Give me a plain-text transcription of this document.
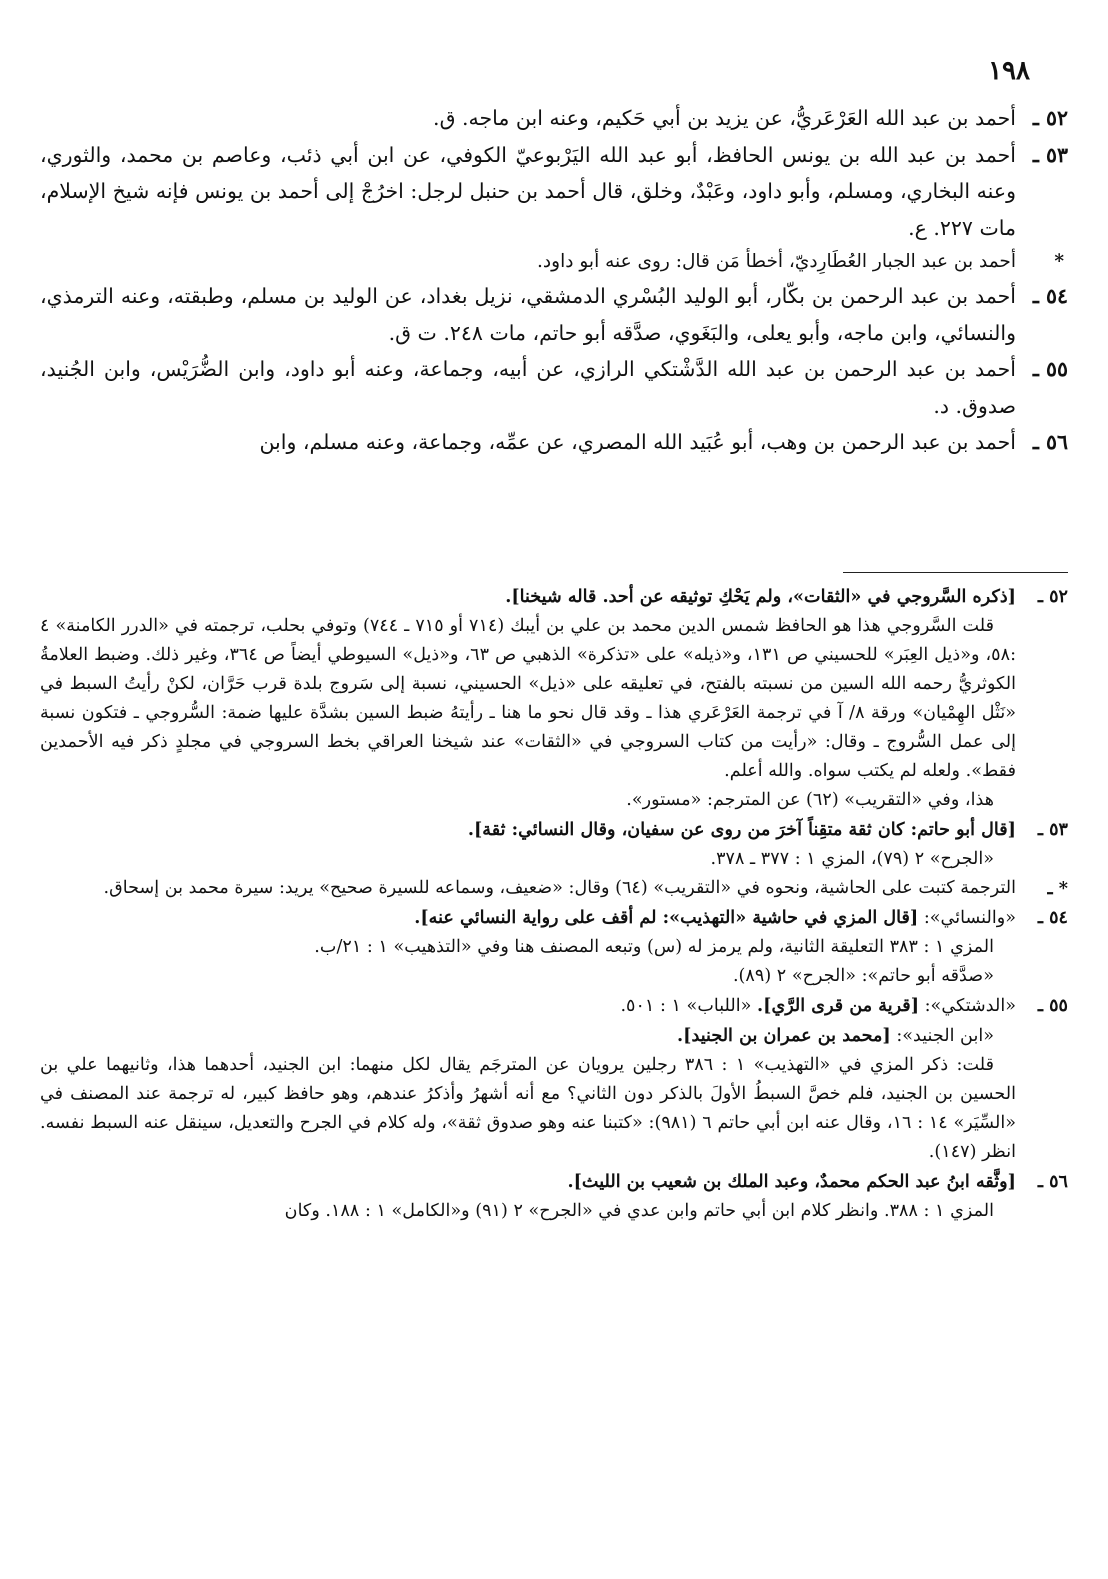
١٩٨
٥٢ ـ
أحمد بن عبد الله العَرْعَريُّ، عن يزيد بن أبي حَكيم، وعنه ابن ماجه. ق.
٥٣ ـ
أحمد بن عبد الله بن يونس الحافظ، أبو عبد الله اليَرْبوعيّ الكوفي، عن ابن أبي ذئب، وعاصم بن محمد، والثوري، وعنه البخاري، ومسلم، وأبو داود، وعَبْدٌ، وخلق، قال أحمد بن حنبل لرجل: اخرُجْ إلى أحمد بن يونس فإنه شيخ الإسلام، مات ٢٢٧. ع.
*
أحمد بن عبد الجبار العُطَارِديّ، أخطأ مَن قال: روى عنه أبو داود.
٥٤ ـ
أحمد بن عبد الرحمن بن بكّار، أبو الوليد البُسْري الدمشقي، نزيل بغداد، عن الوليد بن مسلم، وطبقته، وعنه الترمذي، والنسائي، وابن ماجه، وأبو يعلى، والبَغَوي، صدَّقه أبو حاتم، مات ٢٤٨. ت ق.
٥٥ ـ
أحمد بن عبد الرحمن بن عبد الله الدَّشْتكي الرازي، عن أبيه، وجماعة، وعنه أبو داود، وابن الضُّرَيْس، وابن الجُنيد، صدوق. د.
٥٦ ـ
أحمد بن عبد الرحمن بن وهب، أبو عُبَيد الله المصري، عن عمِّه، وجماعة، وعنه مسلم، وابن
٥٢ ـ

[ذكره السَّروجي في «الثقات»، ولم يَحْكِ توثيقه عن أحد. قاله شيخنا].

قلت السَّروجي هذا هو الحافظ شمس الدين محمد بن علي بن أيبك (٧١٤ أو ٧١٥ ـ ٧٤٤) وتوفي بحلب، ترجمته في «الدرر الكامنة» ٤ :٥٨، و«ذيل العِبَر» للحسيني ص ١٣١، و«ذيله» على «تذكرة» الذهبي ص ٦٣، و«ذيل» السيوطي أيضاً ص ٣٦٤، وغير ذلك. وضبط العلامةُ الكوثريُّ رحمه الله السين من نسبته بالفتح، في تعليقه على «ذيل» الحسيني، نسبة إلى سَروج بلدة قرب حَرَّان، لكنْ رأيتُ السبط في «نَثْل الهِمْيان» ورقة ٨/ آ في ترجمة العَرْعَري هذا ـ وقد قال نحو ما هنا ـ رأيتهُ ضبط السين بشدَّة عليها ضمة: السُّروجي ـ فتكون نسبة إلى عمل السُّروج ـ وقال: «رأيت من كتاب السروجي في «الثقات» عند شيخنا العراقي بخط السروجي في مجلدٍ ذكر فيه الأحمدين فقط». ولعله لم يكتب سواه. والله أعلم.

هذا، وفي «التقريب» (٦٢) عن المترجم: «مستور».

٥٣ ـ

[قال أبو حاتم: كان ثقة متقِناً آخرَ من روى عن سفيان، وقال النسائي: ثقة].

«الجرح» ٢ (٧٩)، المزي ١ : ٣٧٧ ـ ٣٧٨.

* ـ

الترجمة كتبت على الحاشية، ونحوه في «التقريب» (٦٤) وقال: «ضعيف، وسماعه للسيرة صحيح» يريد: سيرة محمد بن إسحاق.

٥٤ ـ

«والنسائي»: [قال المزي في حاشية «التهذيب»: لم أقف على رواية النسائي عنه].

المزي ١ : ٣٨٣ التعليقة الثانية، ولم يرمز له (س) وتبعه المصنف هنا وفي «التذهيب» ١ : ٢١/ب.

«صدَّقه أبو حاتم»: «الجرح» ٢ (٨٩).

٥٥ ـ

«الدشتكي»: [قرية من قرى الرَّي]. «اللباب» ١ : ٥٠١.

«ابن الجنيد»: [محمد بن عمران بن الجنيد].

قلت: ذكر المزي في «التهذيب» ١ : ٣٨٦ رجلين يرويان عن المترجَم يقال لكل منهما: ابن الجنيد، أحدهما هذا، وثانيهما علي بن الحسين بن الجنيد، فلم خصَّ السبطُ الأولَ بالذكر دون الثاني؟ مع أنه أشهرُ وأذكرُ عندهم، وهو حافظ كبير، له ترجمة عند المصنف في «السِّيَر» ١٤ : ١٦، وقال عنه ابن أبي حاتم ٦ (٩٨١): «كتبنا عنه وهو صدوق ثقة»، وله كلام في الجرح والتعديل، سينقل عنه السبط نفسه. انظر (١٤٧).

٥٦ ـ

[وثَّقه ابنُ عبد الحكم محمدٌ، وعبد الملك بن شعيب بن الليث].

المزي ١ : ٣٨٨. وانظر كلام ابن أبي حاتم وابن عدي في «الجرح» ٢ (٩١) و«الكامل» ١ : ١٨٨. وكان
